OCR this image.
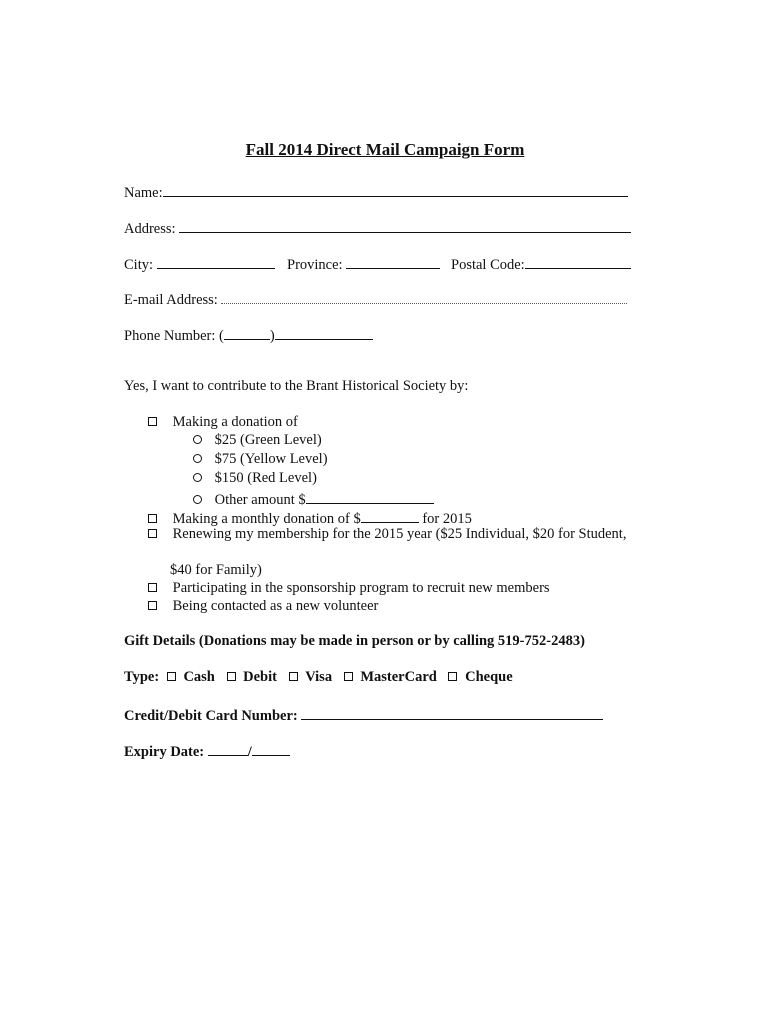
Fall 2014 Direct Mail Campaign Form
Name:
Address:
City:	Province:	Postal Code:
E-mail Address:
Phone Number: (	)
Yes, I want to contribute to the Brant Historical Society by:
Making a donation of
$25 (Green Level)
$75 (Yellow Level)
$150 (Red Level)
Other amount $
Making a monthly donation of $	for 2015
Renewing my membership for the 2015 year ($25 Individual, $20 for Student,
$40 for Family)
Participating in the sponsorship program to recruit new members
Being contacted as a new volunteer
Gift Details (Donations may be made in person or by calling 519-752-2483)
Type: Cash Debit Visa MasterCard Cheque
Credit/Debit Card Number:
Expiry Date:	/
